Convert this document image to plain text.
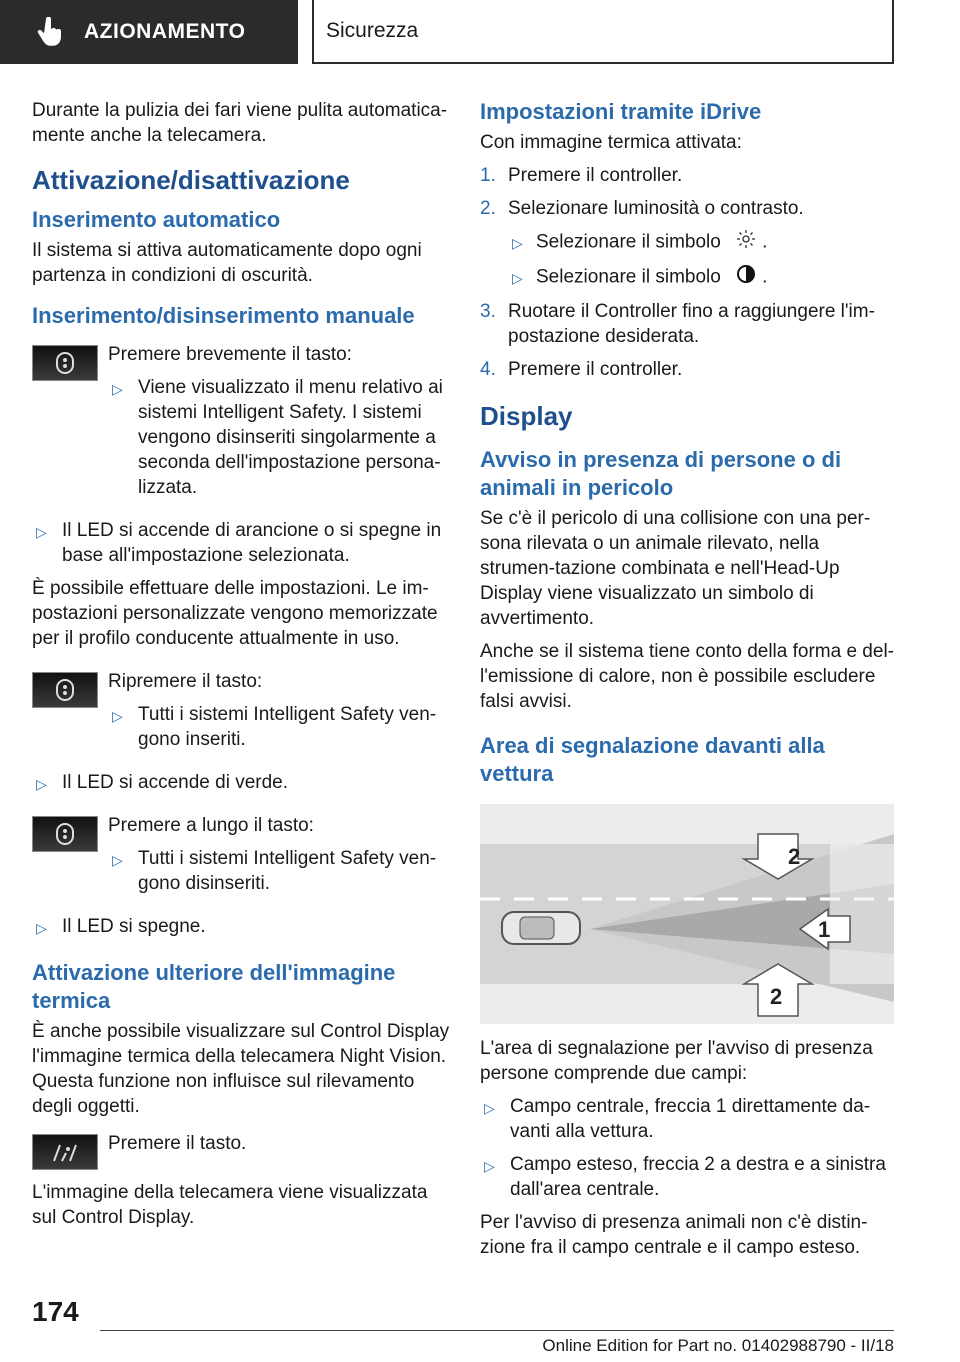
AZIONAMENTO	Sicurezza

Durante la pulizia dei fari viene pulita automatica-mente anche la telecamera.

Attivazione/disattivazione
Inserimento automatico

Il sistema si attiva automaticamente dopo ogni partenza in condizioni di oscurità.

Inserimento/disinserimento manuale

Premere brevemente il tasto:

▷ Viene visualizzato il menu relativo ai sistemi Intelligent Safety. I sistemi vengono disinseriti singolarmente a seconda dell'impostazione persona-lizzata.
▷ Il LED si accende di arancione o si spegne in base all'impostazione selezionata.

È possibile effettuare delle impostazioni. Le im-postazioni personalizzate vengono memorizzate per il profilo conducente attualmente in uso.

Ripremere il tasto:

▷ Tutti i sistemi Intelligent Safety ven-gono inseriti.
▷ Il LED si accende di verde.

Premere a lungo il tasto:

▷ Tutti i sistemi Intelligent Safety ven-gono disinseriti.
▷ Il LED si spegne.
Attivazione ulteriore dell'immagine termica

È anche possibile visualizzare sul Control Display l'immagine termica della telecamera Night Vision. Questa funzione non influisce sul rilevamento degli oggetti.

Premere il tasto.

L'immagine della telecamera viene visualizzata sul Control Display.

Impostazioni tramite iDrive

Con immagine termica attivata:

1. Premere il controller.
2. Selezionare luminosità o contrasto.
▷ Selezionare il simbolo .
▷ Selezionare il simbolo .
3. Ruotare il Controller fino a raggiungere l'im-postazione desiderata.
4. Premere il controller.
Display
Avviso in presenza di persone o di animali in pericolo

Se c'è il pericolo di una collisione con una per-sona rilevata o un animale rilevato, nella strumen-tazione combinata e nell'Head-Up Display viene visualizzato un simbolo di avvertimento.

Anche se il sistema tiene conto della forma e del-l'emissione di calore, non è possibile escludere falsi avvisi.

Area di segnalazione davanti alla vettura
2
1
2

L'area di segnalazione per l'avviso di presenza persone comprende due campi:

▷ Campo centrale, freccia 1 direttamente da-vanti alla vettura.
▷ Campo esteso, freccia 2 a destra e a sinistra dall'area centrale.

Per l'avviso di presenza animali non c'è distin-zione fra il campo centrale e il campo esteso.

174
Online Edition for Part no. 01402988790 - II/18
